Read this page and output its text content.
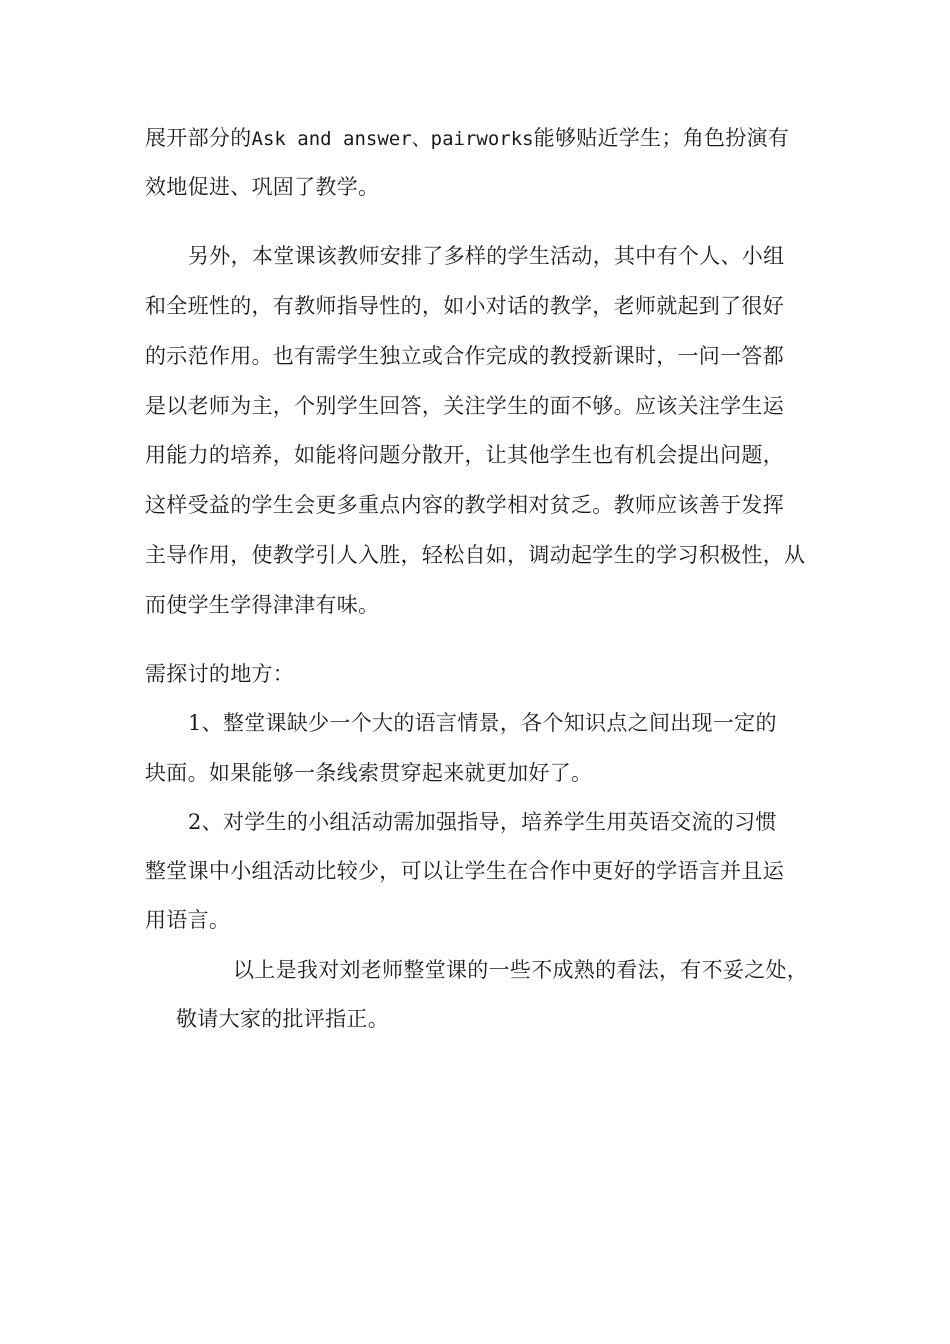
展开部分的Ask and answer、pairworks能够贴近学生；角色扮演有
效地促进、巩固了教学。
另外，本堂课该教师安排了多样的学生活动，其中有个人、小组
和全班性的，有教师指导性的，如小对话的教学，老师就起到了很好
的示范作用。也有需学生独立或合作完成的教授新课时，一问一答都
是以老师为主，个别学生回答，关注学生的面不够。应该关注学生运
用能力的培养，如能将问题分散开，让其他学生也有机会提出问题，
这样受益的学生会更多重点内容的教学相对贫乏。教师应该善于发挥
主导作用，使教学引人入胜，轻松自如，调动起学生的学习积极性，从
而使学生学得津津有味。
需探讨的地方：
1、整堂课缺少一个大的语言情景，各个知识点之间出现一定的
块面。如果能够一条线索贯穿起来就更加好了。
2、对学生的小组活动需加强指导，培养学生用英语交流的习惯
整堂课中小组活动比较少，可以让学生在合作中更好的学语言并且运
用语言。
以上是我对刘老师整堂课的一些不成熟的看法，有不妥之处，
敬请大家的批评指正。
